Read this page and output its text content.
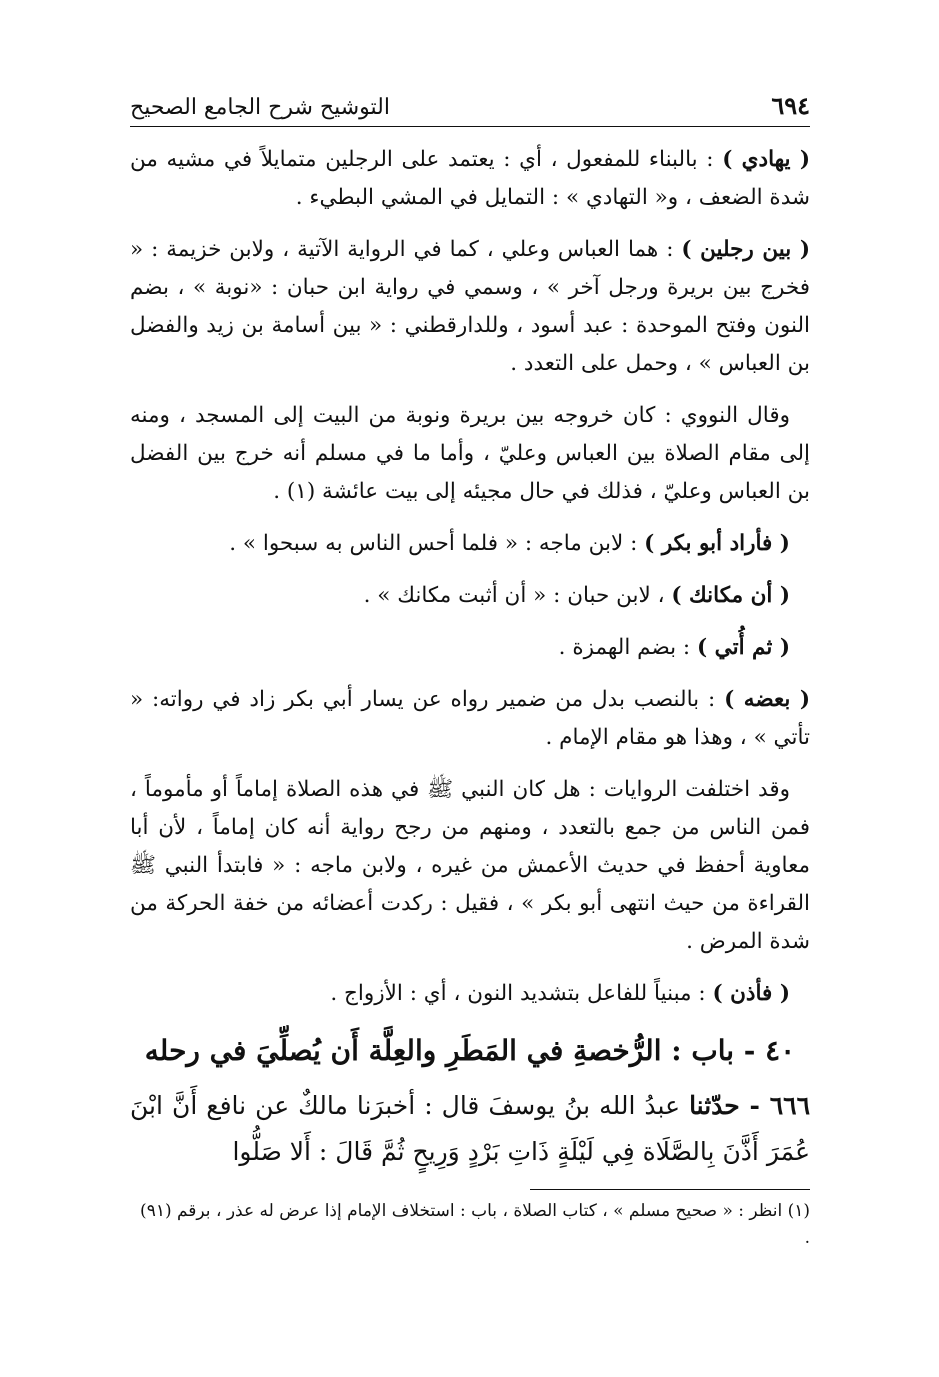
٦٩٤
التوشيح شرح الجامع الصحيح

( يهادي ) : بالبناء للمفعول ، أي : يعتمد على الرجلين متمايلاً في مشيه من شدة الضعف ، و« التهادي » : التمايل في المشي البطيء .

( بين رجلين ) : هما العباس وعلي ، كما في الرواية الآتية ، ولابن خزيمة : « فخرج بين بريرة ورجل آخر » ، وسمي في رواية ابن حبان : «نوبة » ، بضم النون وفتح الموحدة : عبد أسود ، وللدارقطني : « بين أسامة بن زيد والفضل بن العباس » ، وحمل على التعدد .

وقال النووي : كان خروجه بين بريرة ونوبة من البيت إلى المسجد ، ومنه إلى مقام الصلاة بين العباس وعليّ ، وأما ما في مسلم أنه خرج بين الفضل بن العباس وعليّ ، فذلك في حال مجيئه إلى بيت عائشة (١) .

( فأراد أبو بكر ) : لابن ماجه : « فلما أحس الناس به سبحوا » .

( أن مكانك ) ، لابن حبان : « أن أثبت مكانك » .

( ثم أُتي ) : بضم الهمزة .

( بعضه ) : بالنصب بدل من ضمير رواه عن يسار أبي بكر زاد في رواته: « تأتي » ، وهذا هو مقام الإمام .

وقد اختلفت الروايات : هل كان النبي ﷺ في هذه الصلاة إماماً أو مأموماً ، فمن الناس من جمع بالتعدد ، ومنهم من رجح رواية أنه كان إماماً ، لأن أبا معاوية أحفظ في حديث الأعمش من غيره ، ولابن ماجه : « فابتدأ النبي ﷺ القراءة من حيث انتهى أبو بكر » ، فقيل : ركدت أعضائه من خفة الحركة من شدة المرض .

( فأذن ) : مبنياً للفاعل بتشديد النون ، أي : الأزواج .

٤٠ - باب : الرُّخصةِ في المَطَرِ والعِلَّة أَن يُصلِّيَ في رحله

٦٦٦ - حدّثنا عبدُ الله بنُ يوسفَ قال : أخبرَنا مالكٌ عن نافع أَنَّ ابْنَ عُمَرَ أَذَّنَ بِالصَّلَاة فِي لَيْلَةٍ ذَاتِ بَرْدٍ وَرِيحٍ ثُمَّ قَالَ : أَلا صَلُّوا

(١) انظر : « صحيح مسلم » ، كتاب الصلاة ، باب : استخلاف الإمام إذا عرض له عذر ، برقم (٩١) .
